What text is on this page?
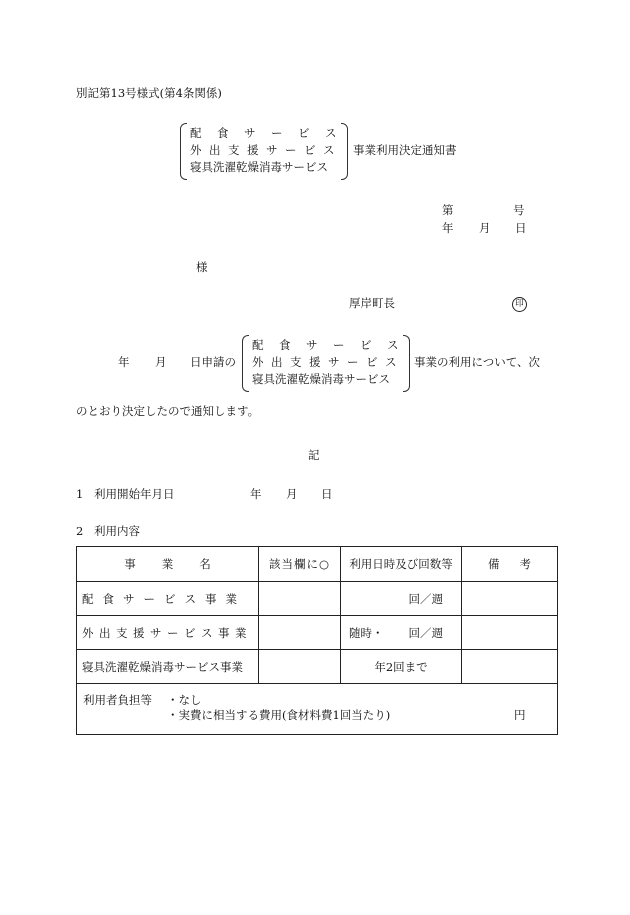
別記第13号様式(第4条関係)
配食サービス
外出支援サービス
寝具洗濯乾燥消毒サービス
事業利用決定通知書
第	号
年 月 日
様
厚岸町長	印
年 月 日申請の
配食サービス
外出支援サービス
寝具洗濯乾燥消毒サービス
事業の利用について、次
のとおり決定したので通知します。
記
1 利用開始年月日	年 月 日
2 利用内容
事業名	該当欄に○	利用日時及び回数等	備考
配食サービス事業		回／週	
外出支援サービス事業		随時・ 回／週	

寝具洗濯乾燥消毒サービス事業		年2回まで	

利用者負担等 ・なし
・実費に相当する費用(食材料費1回当たり) 円			
